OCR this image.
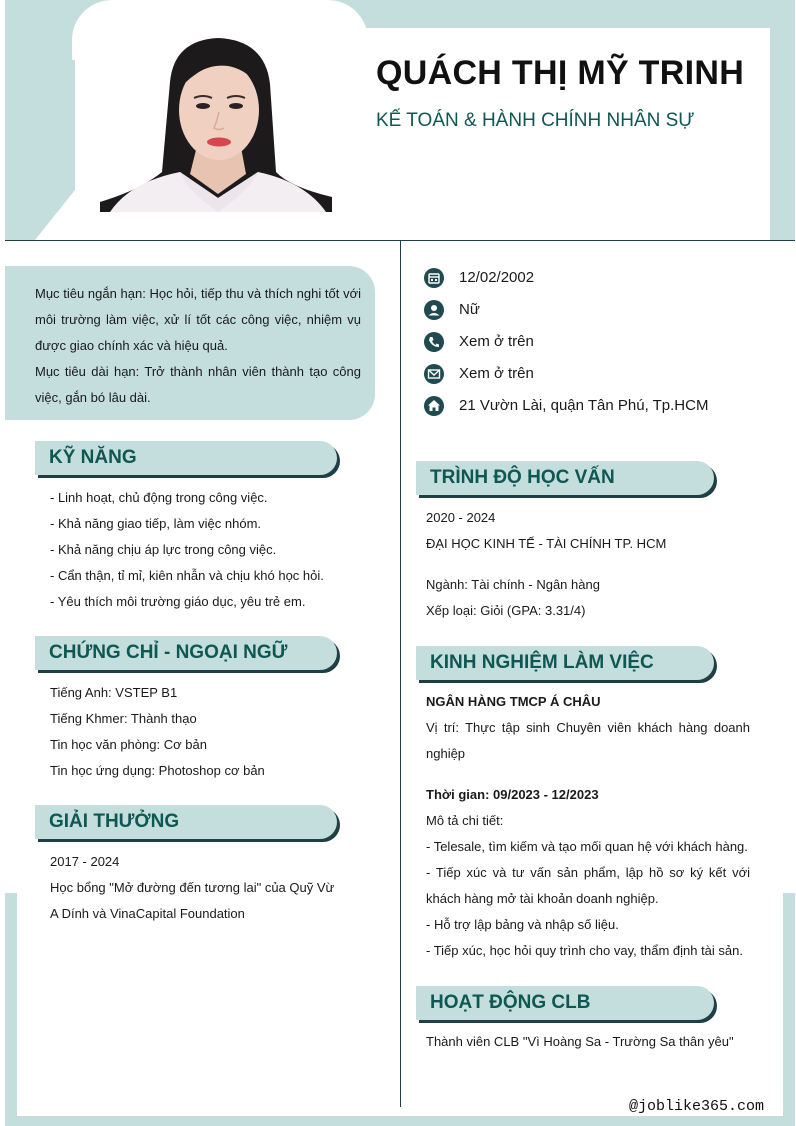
QUÁCH THỊ MỸ TRINH
KẾ TOÁN & HÀNH CHÍNH NHÂN SỰ

Mục tiêu ngắn hạn: Học hỏi, tiếp thu và thích nghi tốt với môi trường làm việc, xử lí tốt các công việc, nhiệm vụ được giao chính xác và hiệu quả.

Mục tiêu dài hạn: Trở thành nhân viên thành tạo công việc, gắn bó lâu dài.

KỸ NĂNG
- Linh hoạt, chủ động trong công việc.
- Khả năng giao tiếp, làm việc nhóm.
- Khả năng chịu áp lực trong công việc.
- Cẩn thận, tỉ mỉ, kiên nhẫn và chịu khó học hỏi.
- Yêu thích môi trường giáo dục, yêu trẻ em.
CHỨNG CHỈ - NGOẠI NGỮ
Tiếng Anh: VSTEP B1
Tiếng Khmer: Thành thạo
Tin học văn phòng: Cơ bản
Tin học ứng dụng: Photoshop cơ bản
GIẢI THƯỞNG
2017 - 2024
Học bổng "Mở đường đến tương lai" của Quỹ Vừ A Dính và VinaCapital Foundation
12/02/2002
Nữ
Xem ở trên
Xem ở trên
21 Vườn Lài, quận Tân Phú, Tp.HCM
TRÌNH ĐỘ HỌC VẤN
2020 - 2024
ĐẠI HỌC KINH TẾ - TÀI CHÍNH TP. HCM
Ngành: Tài chính - Ngân hàng
Xếp loại: Giỏi (GPA: 3.31/4)
KINH NGHIỆM LÀM VIỆC
NGÂN HÀNG TMCP Á CHÂU
Vị trí: Thực tập sinh Chuyên viên khách hàng doanh nghiệp
Thời gian: 09/2023 - 12/2023
Mô tả chi tiết:
- Telesale, tìm kiếm và tạo mối quan hệ với khách hàng.
- Tiếp xúc và tư vấn sản phẩm, lập hồ sơ ký kết với khách hàng mở tài khoản doanh nghiệp.
- Hỗ trợ lập bảng và nhập số liệu.
- Tiếp xúc, học hỏi quy trình cho vay, thẩm định tài sản.
HOẠT ĐỘNG CLB
Thành viên CLB "Vì Hoàng Sa - Trường Sa thân yêu"
@joblike365.com
